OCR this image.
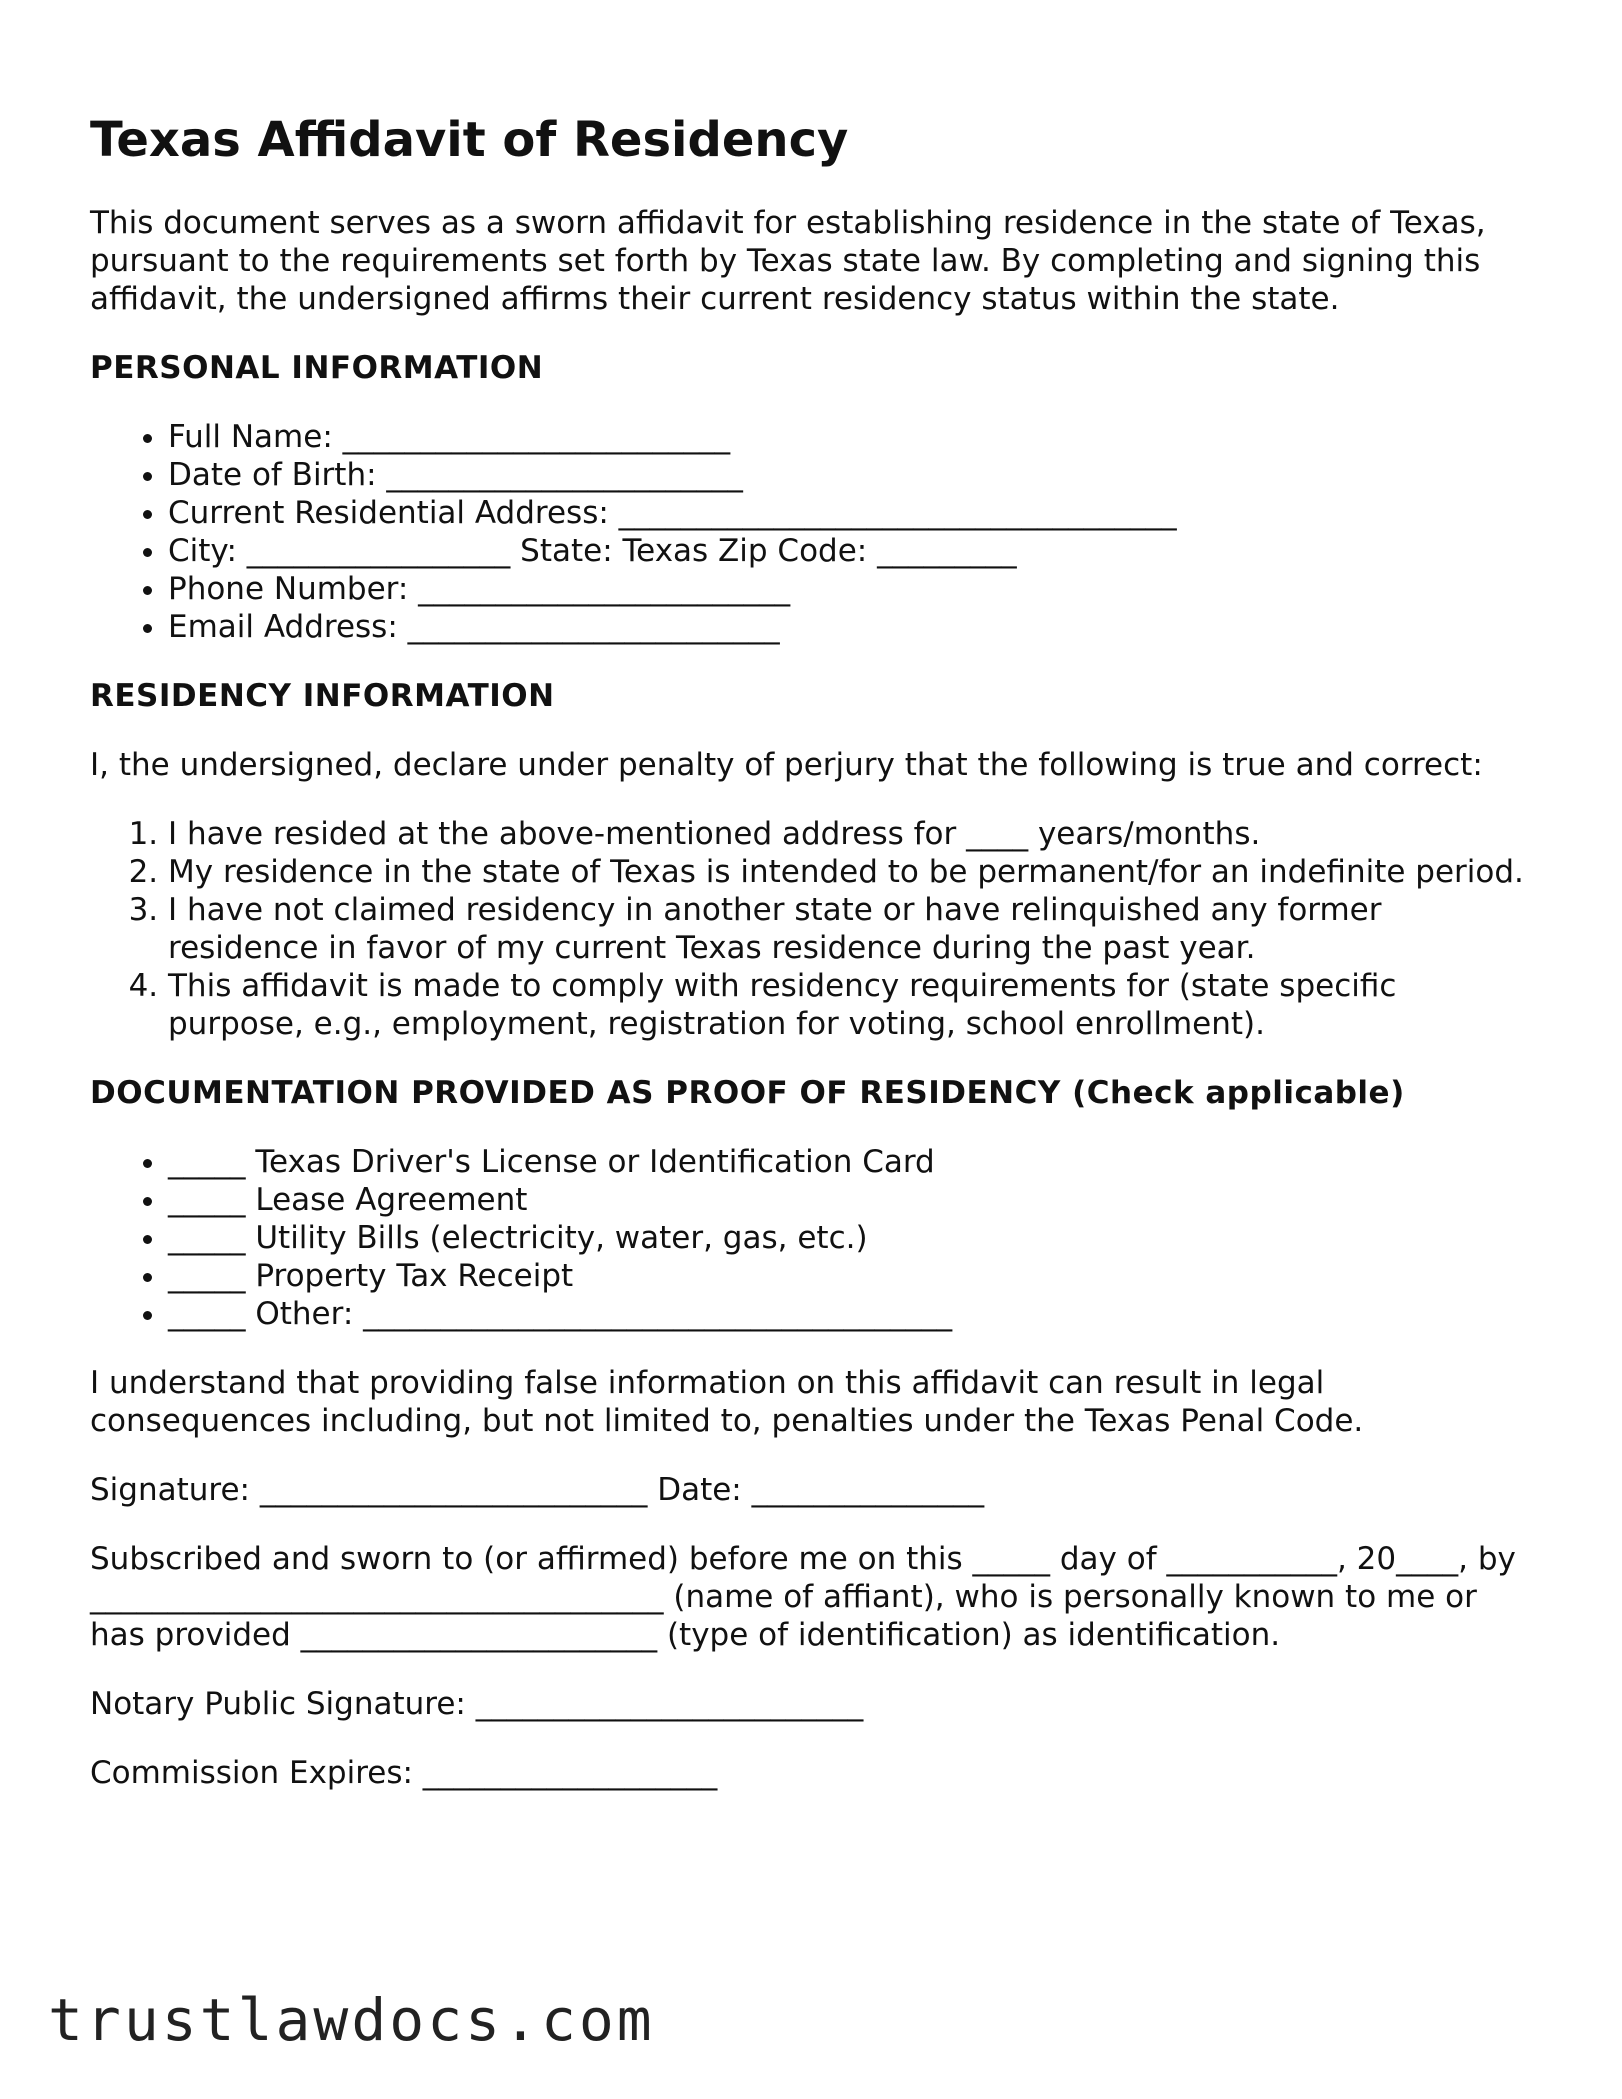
Texas Affidavit of Residency

This document serves as a sworn affidavit for establishing residence in the state of Texas, pursuant to the requirements set forth by Texas state law. By completing and signing this affidavit, the undersigned affirms their current residency status within the state.

PERSONAL INFORMATION
• Full Name: _________________________
• Date of Birth: _______________________
• Current Residential Address: ____________________________________
• City: _________________ State: Texas Zip Code: _________
• Phone Number: ________________________
• Email Address: ________________________
RESIDENCY INFORMATION

I, the undersigned, declare under penalty of perjury that the following is true and correct:

1. I have resided at the above-mentioned address for ____ years/months.
2. My residence in the state of Texas is intended to be permanent/for an indefinite period.
3. I have not claimed residency in another state or have relinquished any former residence in favor of my current Texas residence during the past year.
4. This affidavit is made to comply with residency requirements for (state specific purpose, e.g., employment, registration for voting, school enrollment).
DOCUMENTATION PROVIDED AS PROOF OF RESIDENCY (Check applicable)
• _____ Texas Driver's License or Identification Card
• _____ Lease Agreement
• _____ Utility Bills (electricity, water, gas, etc.)
• _____ Property Tax Receipt
• _____ Other: ______________________________________

I understand that providing false information on this affidavit can result in legal consequences including, but not limited to, penalties under the Texas Penal Code.

Signature: _________________________ Date: _______________

Subscribed and sworn to (or affirmed) before me on this _____ day of ___________, 20____, by _____________________________________ (name of affiant), who is personally known to me or has provided _______________________ (type of identification) as identification.

Notary Public Signature: _________________________

Commission Expires: ___________________

trustlawdocs.com
